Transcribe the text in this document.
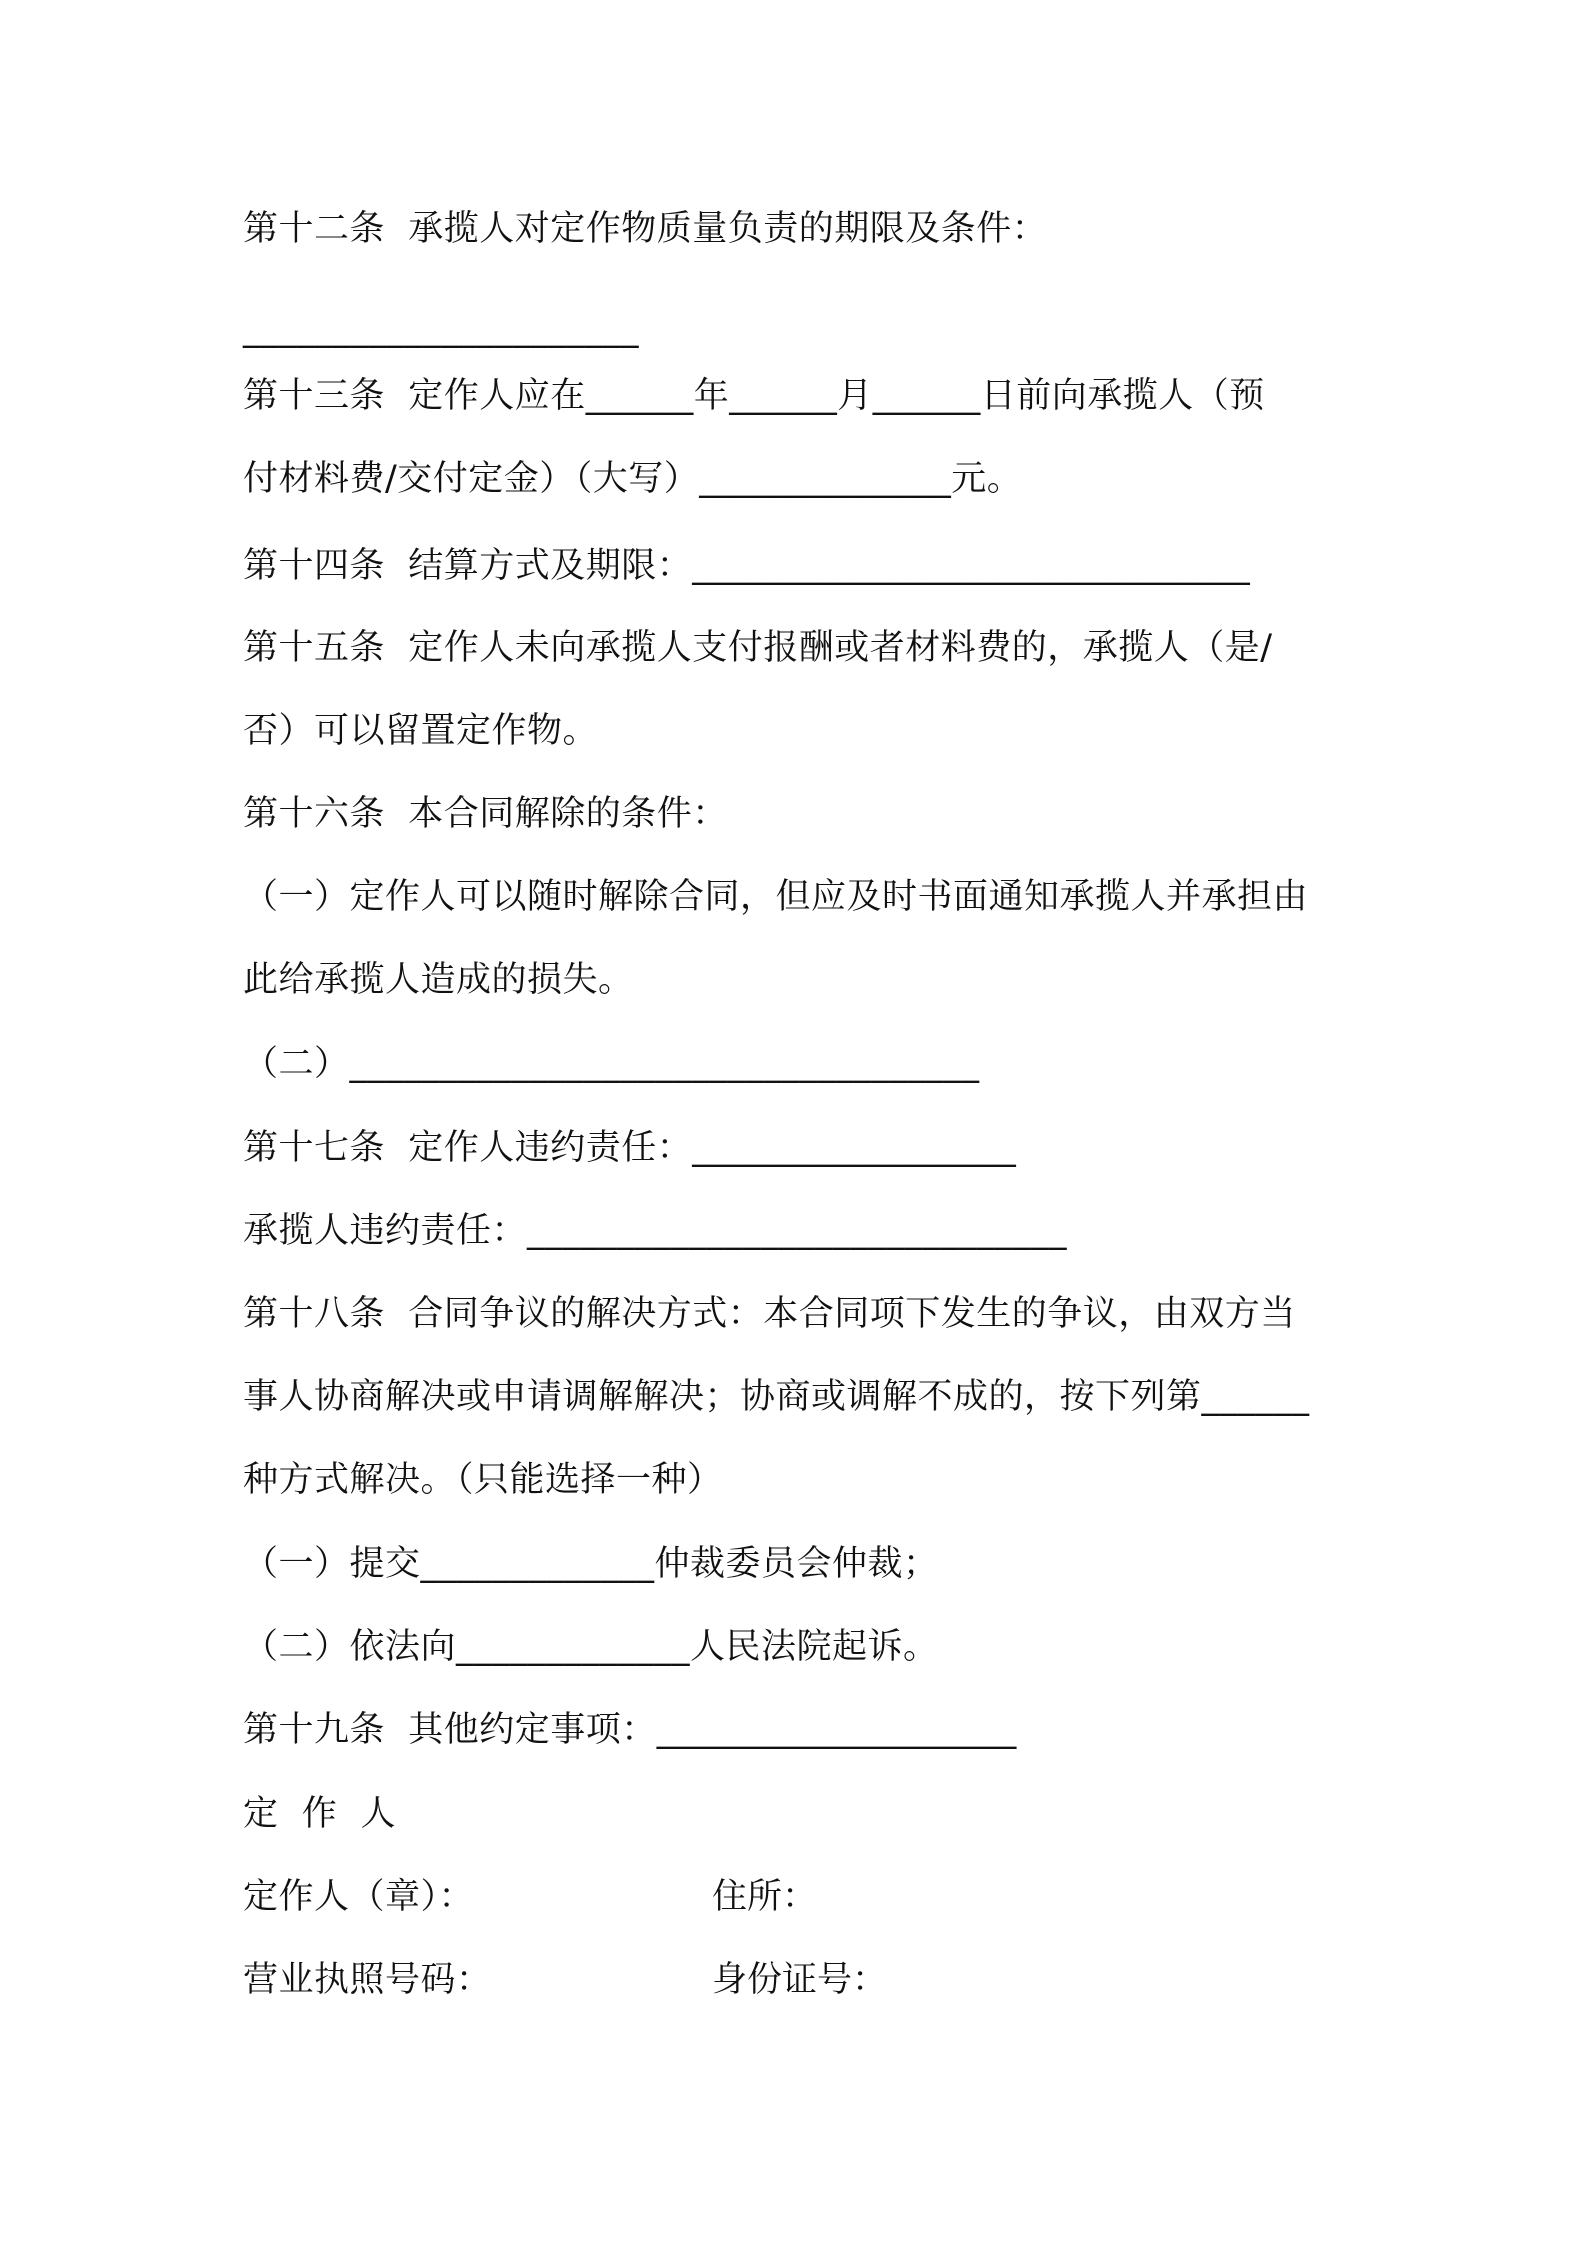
第十二条  承揽人对定作物质量负责的期限及条件：
______________________
第十三条  定作人应在______年______月______日前向承揽人（预
付材料费/交付定金）（大写）______________元。
第十四条  结算方式及期限：_______________________________
第十五条  定作人未向承揽人支付报酬或者材料费的，承揽人（是/
否）可以留置定作物。
第十六条  本合同解除的条件：
（一）定作人可以随时解除合同，但应及时书面通知承揽人并承担由
此给承揽人造成的损失。
（二）___________________________________
第十七条  定作人违约责任：__________________
承揽人违约责任：______________________________
第十八条  合同争议的解决方式：本合同项下发生的争议，由双方当
事人协商解决或申请调解解决；协商或调解不成的，按下列第______
种方式解决。（只能选择一种）
（一）提交_____________仲裁委员会仲裁；
（二）依法向_____________人民法院起诉。
第十九条  其他约定事项：____________________
定  作  人
定作人（章）：	住所：
营业执照号码：	身份证号：
